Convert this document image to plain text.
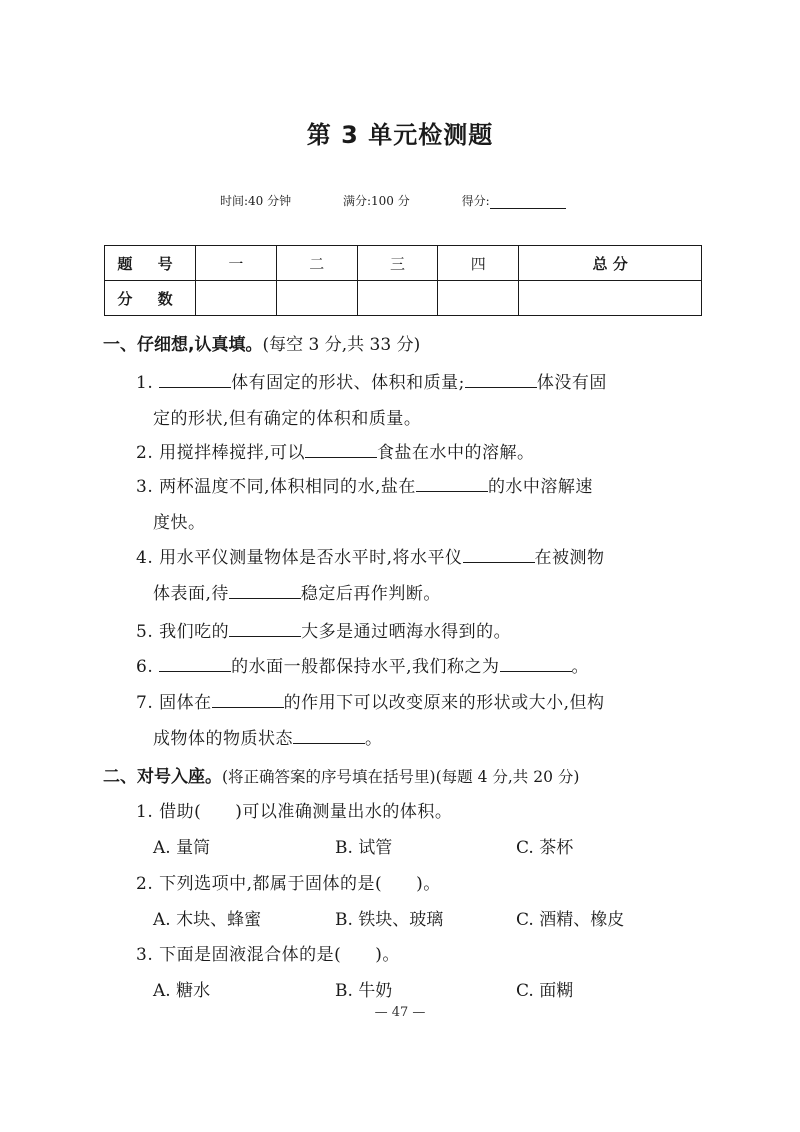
第 3 单元检测题
时间:40 分钟	满分:100 分	得分:
题 号	一	二	三	四	总 分
分 数					
一、仔细想,认真填。(每空 3 分,共 33 分)
1.	体有固定的形状、体积和质量;	体没有固
定的形状,但有确定的体积和质量。
2. 用搅拌棒搅拌,可以	食盐在水中的溶解。
3. 两杯温度不同,体积相同的水,盐在	的水中溶解速
度快。
4. 用水平仪测量物体是否水平时,将水平仪	在被测物
体表面,待	稳定后再作判断。
5. 我们吃的	大多是通过晒海水得到的。
6.	的水面一般都保持水平,我们称之为	。
7. 固体在	的作用下可以改变原来的形状或大小,但构
成物体的物质状态	。
二、对号入座。(将正确答案的序号填在括号里)(每题 4 分,共 20 分)
1. 借助( )可以准确测量出水的体积。
A. 量筒	B. 试管	C. 茶杯
2. 下列选项中,都属于固体的是( )。
A. 木块、蜂蜜	B. 铁块、玻璃	C. 酒精、橡皮
3. 下面是固液混合体的是( )。
A. 糖水	B. 牛奶	C. 面糊
— 47 —
